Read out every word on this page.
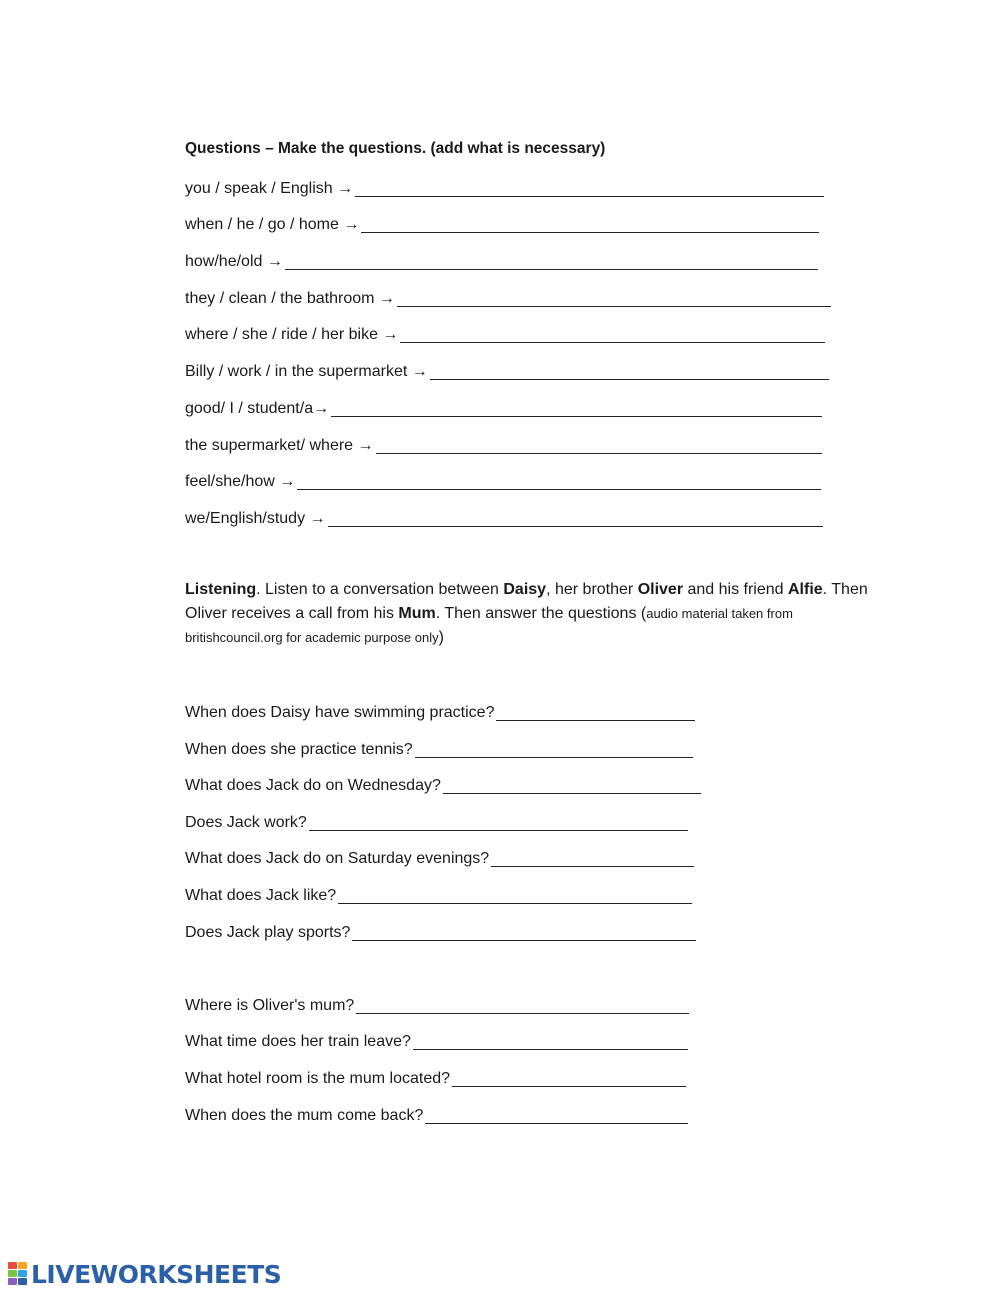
Questions – Make the questions. (add what is necessary)
you / speak / English →
when / he / go / home →
how/he/old →
they / clean / the bathroom →
where / she / ride / her bike →
Billy / work / in the supermarket →
good/ I / student/a→
the supermarket/ where →
feel/she/how →
we/English/study →
Listening. Listen to a conversation between Daisy, her brother Oliver and his friend Alfie. Then Oliver receives a call from his Mum. Then answer the questions (audio material taken from britishcouncil.org for academic purpose only)
When does Daisy have swimming practice?
When does she practice tennis?
What does Jack do on Wednesday?
Does Jack work?
What does Jack do on Saturday evenings?
What does Jack like?
Does Jack play sports?
Where is Oliver's mum?
What time does her train leave?
What hotel room is the mum located?
When does the mum come back?
LIVEWORKSHEETS
